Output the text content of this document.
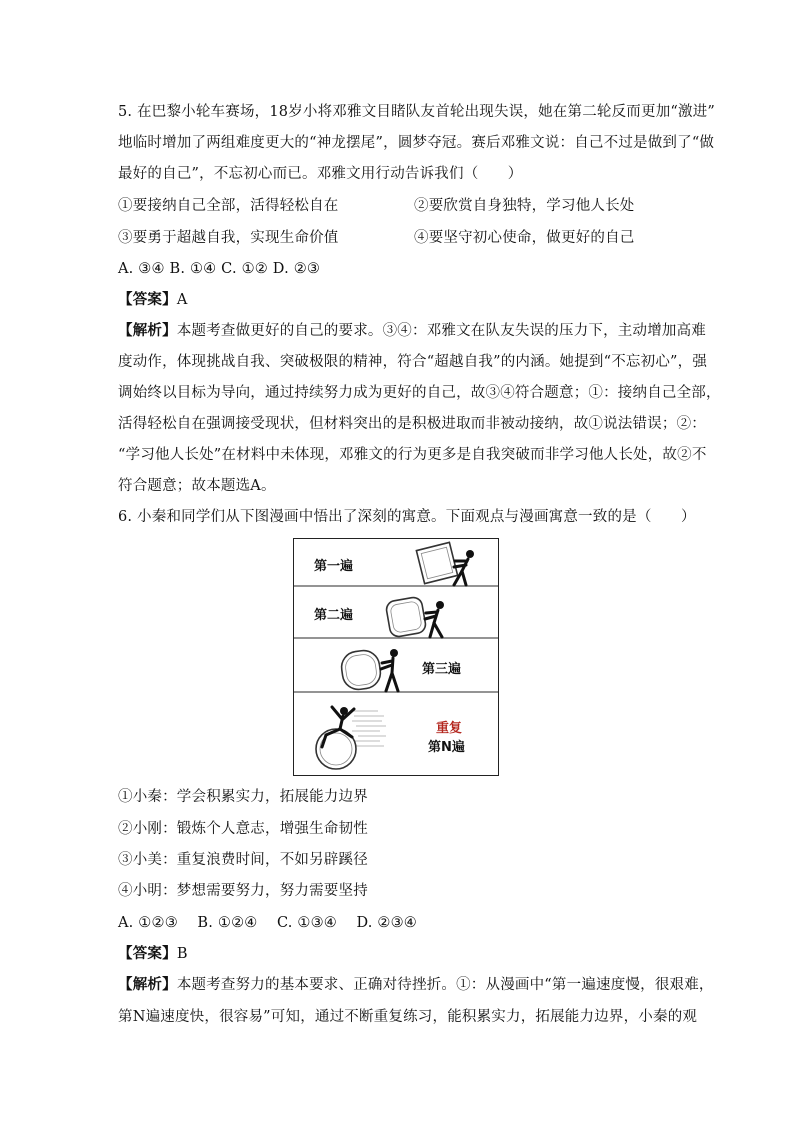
5. 在巴黎小轮车赛场，18岁小将邓雅文目睹队友首轮出现失误，她在第二轮反而更加“激进”
地临时增加了两组难度更大的“神龙摆尾”，圆梦夺冠。赛后邓雅文说：自己不过是做到了“做
最好的自己”，不忘初心而已。邓雅文用行动告诉我们（　　）
①要接纳自己全部，活得轻松自在	②要欣赏自身独特，学习他人长处
③要勇于超越自我，实现生命价值	④要坚守初心使命，做更好的自己
A. ③④ B. ①④ C. ①② D. ②③
【答案】A
【解析】本题考查做更好的自己的要求。③④：邓雅文在队友失误的压力下，主动增加高难
度动作，体现挑战自我、突破极限的精神，符合“超越自我”的内涵。她提到“不忘初心”，强
调始终以目标为导向，通过持续努力成为更好的自己，故③④符合题意；①：接纳自己全部，
活得轻松自在强调接受现状，但材料突出的是积极进取而非被动接纳，故①说法错误；②：
“学习他人长处”在材料中未体现，邓雅文的行为更多是自我突破而非学习他人长处，故②不
符合题意；故本题选A。
6. 小秦和同学们从下图漫画中悟出了深刻的寓意。下面观点与漫画寓意一致的是（　　）
第一遍
第二遍
第三遍
重复
第N遍
①小秦：学会积累实力，拓展能力边界
②小刚：锻炼个人意志，增强生命韧性
③小美：重复浪费时间，不如另辟蹊径
④小明：梦想需要努力，努力需要坚持
A. ①②③　 B. ①②④　 C. ①③④　 D. ②③④
【答案】B
【解析】本题考查努力的基本要求、正确对待挫折。①：从漫画中“第一遍速度慢，很艰难，
第N遍速度快，很容易”可知，通过不断重复练习，能积累实力，拓展能力边界，小秦的观
